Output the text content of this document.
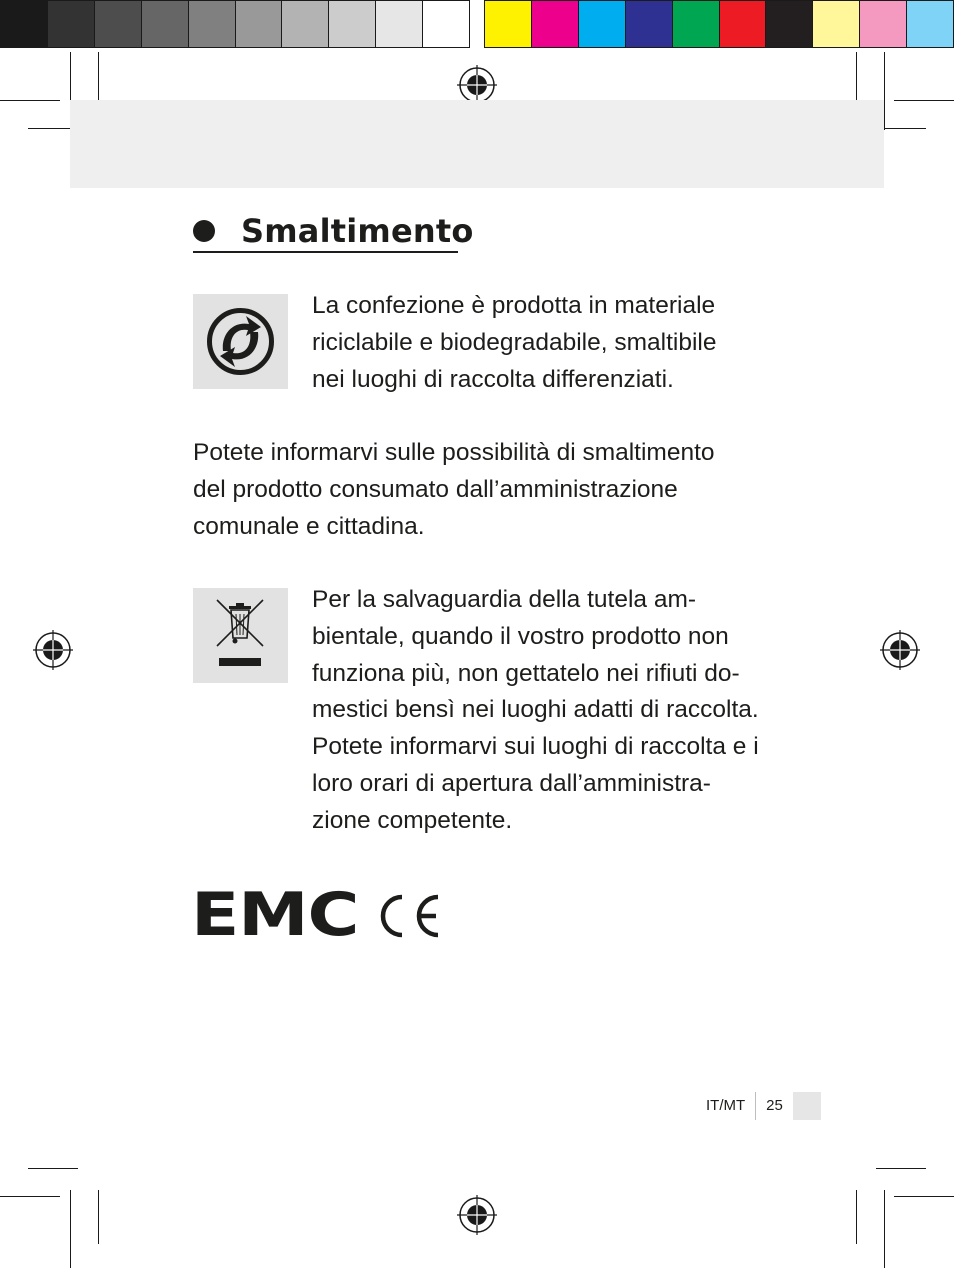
Smaltimento
La confezione è prodotta in materiale
riciclabile e biodegradabile, smaltibile
nei luoghi di raccolta differenziati.
Potete informarvi sulle possibilità di smaltimento
del prodotto consumato dall’amministrazione
comunale e cittadina.
Per la salvaguardia della tutela am-
bientale, quando il vostro prodotto non
funziona più, non gettatelo nei rifiuti do-
mestici bensì nei luoghi adatti di raccolta.
Potete informarvi sui luoghi di raccolta e i
loro orari di apertura dall’amministra-
zione competente.
EMC
IT/MT	25
